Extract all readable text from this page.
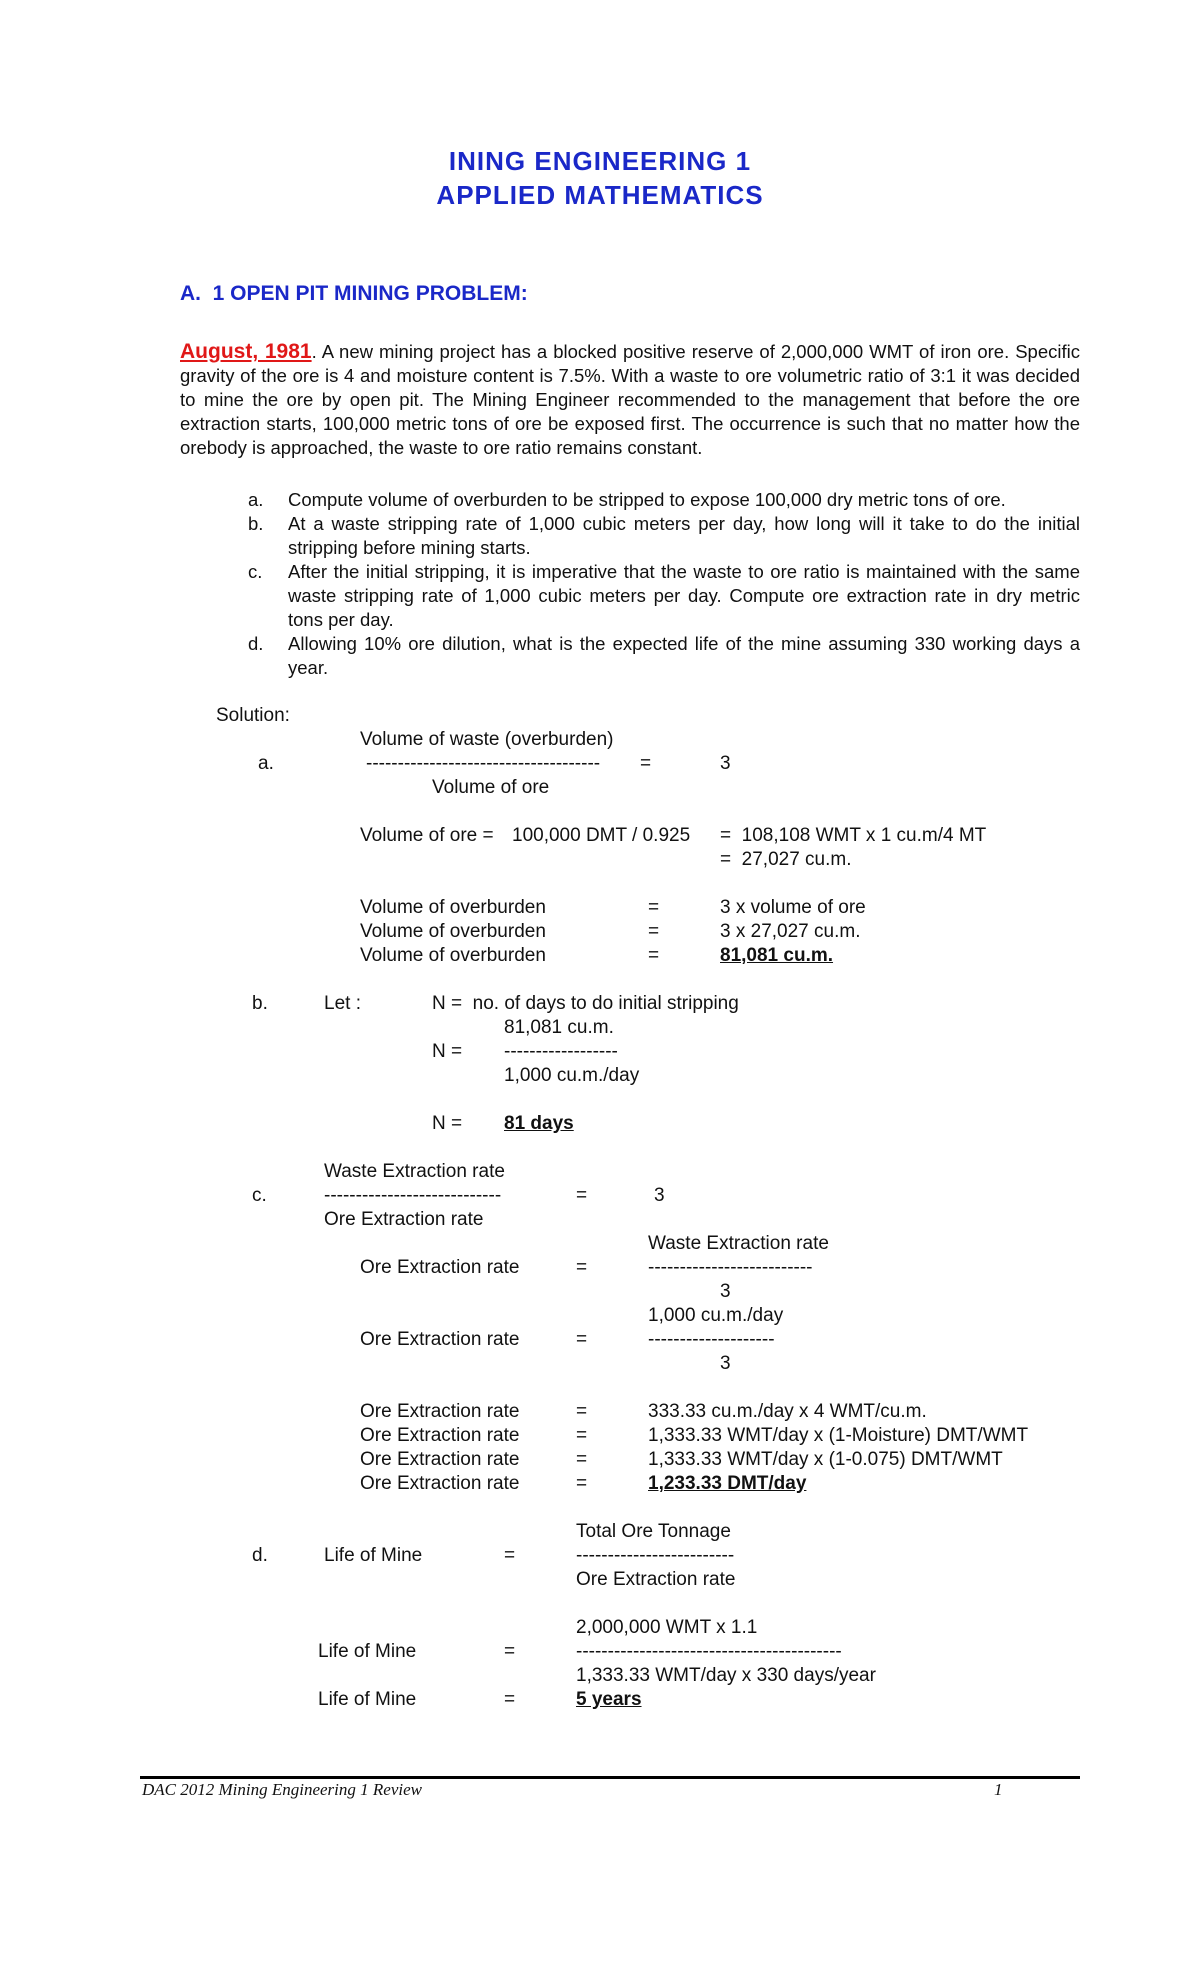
INING ENGINEERING 1
APPLIED MATHEMATICS
A.  1 OPEN PIT MINING PROBLEM:
August, 1981. A new mining project has a blocked positive reserve of 2,000,000 WMT of iron ore. Specific gravity of the ore is 4 and moisture content is 7.5%. With a waste to ore volumetric ratio of 3:1 it was decided to mine the ore by open pit. The Mining Engineer recommended to the management that before the ore extraction starts, 100,000 metric tons of ore be exposed first. The occurrence is such that no matter how the orebody is approached, the waste to ore ratio remains constant.
a. Compute volume of overburden to be stripped to expose 100,000 dry metric tons of ore.
b. At a waste stripping rate of 1,000 cubic meters per day, how long will it take to do the initial stripping before mining starts.
c. After the initial stripping, it is imperative that the waste to ore ratio is maintained with the same waste stripping rate of 1,000 cubic meters per day. Compute ore extraction rate in dry metric tons per day.
d. Allowing 10% ore dilution, what is the expected life of the mine assuming 330 working days a year.
Solution:
Volume of waste (overburden)
a.	------------------------------------- =	3
Volume of ore
Volume of ore = 100,000 DMT / 0.925 =  108,108 WMT x 1 cu.m/4 MT
=  27,027 cu.m.
Volume of overburden	=	3 x volume of ore
Volume of overburden	=	3 x 27,027 cu.m.
Volume of overburden	=	81,081 cu.m.
b.	Let :	N =  no. of days to do initial stripping
81,081 cu.m.
N = ------------------
1,000 cu.m./day
N = 81 days
Waste Extraction rate
c.	----------------------------	=	3
Ore Extraction rate
Waste Extraction rate
Ore Extraction rate	=	--------------------------
3
1,000 cu.m./day
Ore Extraction rate	=	--------------------
3
Ore Extraction rate	=	333.33 cu.m./day x 4 WMT/cu.m.
Ore Extraction rate	=	1,333.33 WMT/day x (1-Moisture) DMT/WMT
Ore Extraction rate	=	1,333.33 WMT/day x (1-0.075) DMT/WMT
Ore Extraction rate	=	1,233.33 DMT/day
Total Ore Tonnage
d.	Life of Mine	=	-------------------------
Ore Extraction rate
2,000,000 WMT x 1.1
Life of Mine	=	------------------------------------------
1,333.33 WMT/day x 330 days/year
Life of Mine	=	5 years
DAC 2012 Mining Engineering 1 Review	1
